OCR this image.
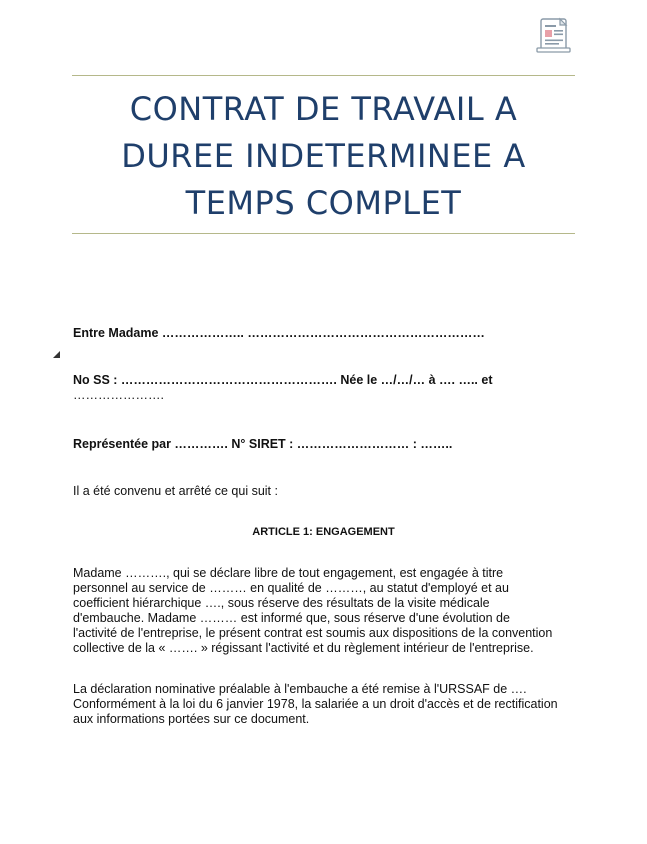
CONTRAT DE TRAVAIL A
DUREE INDETERMINEE A
TEMPS COMPLET

Entre Madame ……………….. …………………………………………………

No SS : ……………………………………………. Née le …/…/… à …. ….. et
………………….

Représentée par …………. N° SIRET : ……………………… : ……..

Il a été convenu et arrêté ce qui suit :

ARTICLE 1: ENGAGEMENT

Madame ………., qui se déclare libre de tout engagement, est engagée à titre
personnel au service de ……… en qualité de ………, au statut d'employé et au
coefficient hiérarchique …., sous réserve des résultats de la visite médicale
d'embauche. Madame ……… est informé que, sous réserve d'une évolution de
l'activité de l'entreprise, le présent contrat est soumis aux dispositions de la convention
collective de la « ……. » régissant l'activité et du règlement intérieur de l'entreprise.

La déclaration nominative préalable à l'embauche a été remise à l'URSSAF de ….
Conformément à la loi du 6 janvier 1978, la salariée a un droit d'accès et de rectification
aux informations portées sur ce document.
